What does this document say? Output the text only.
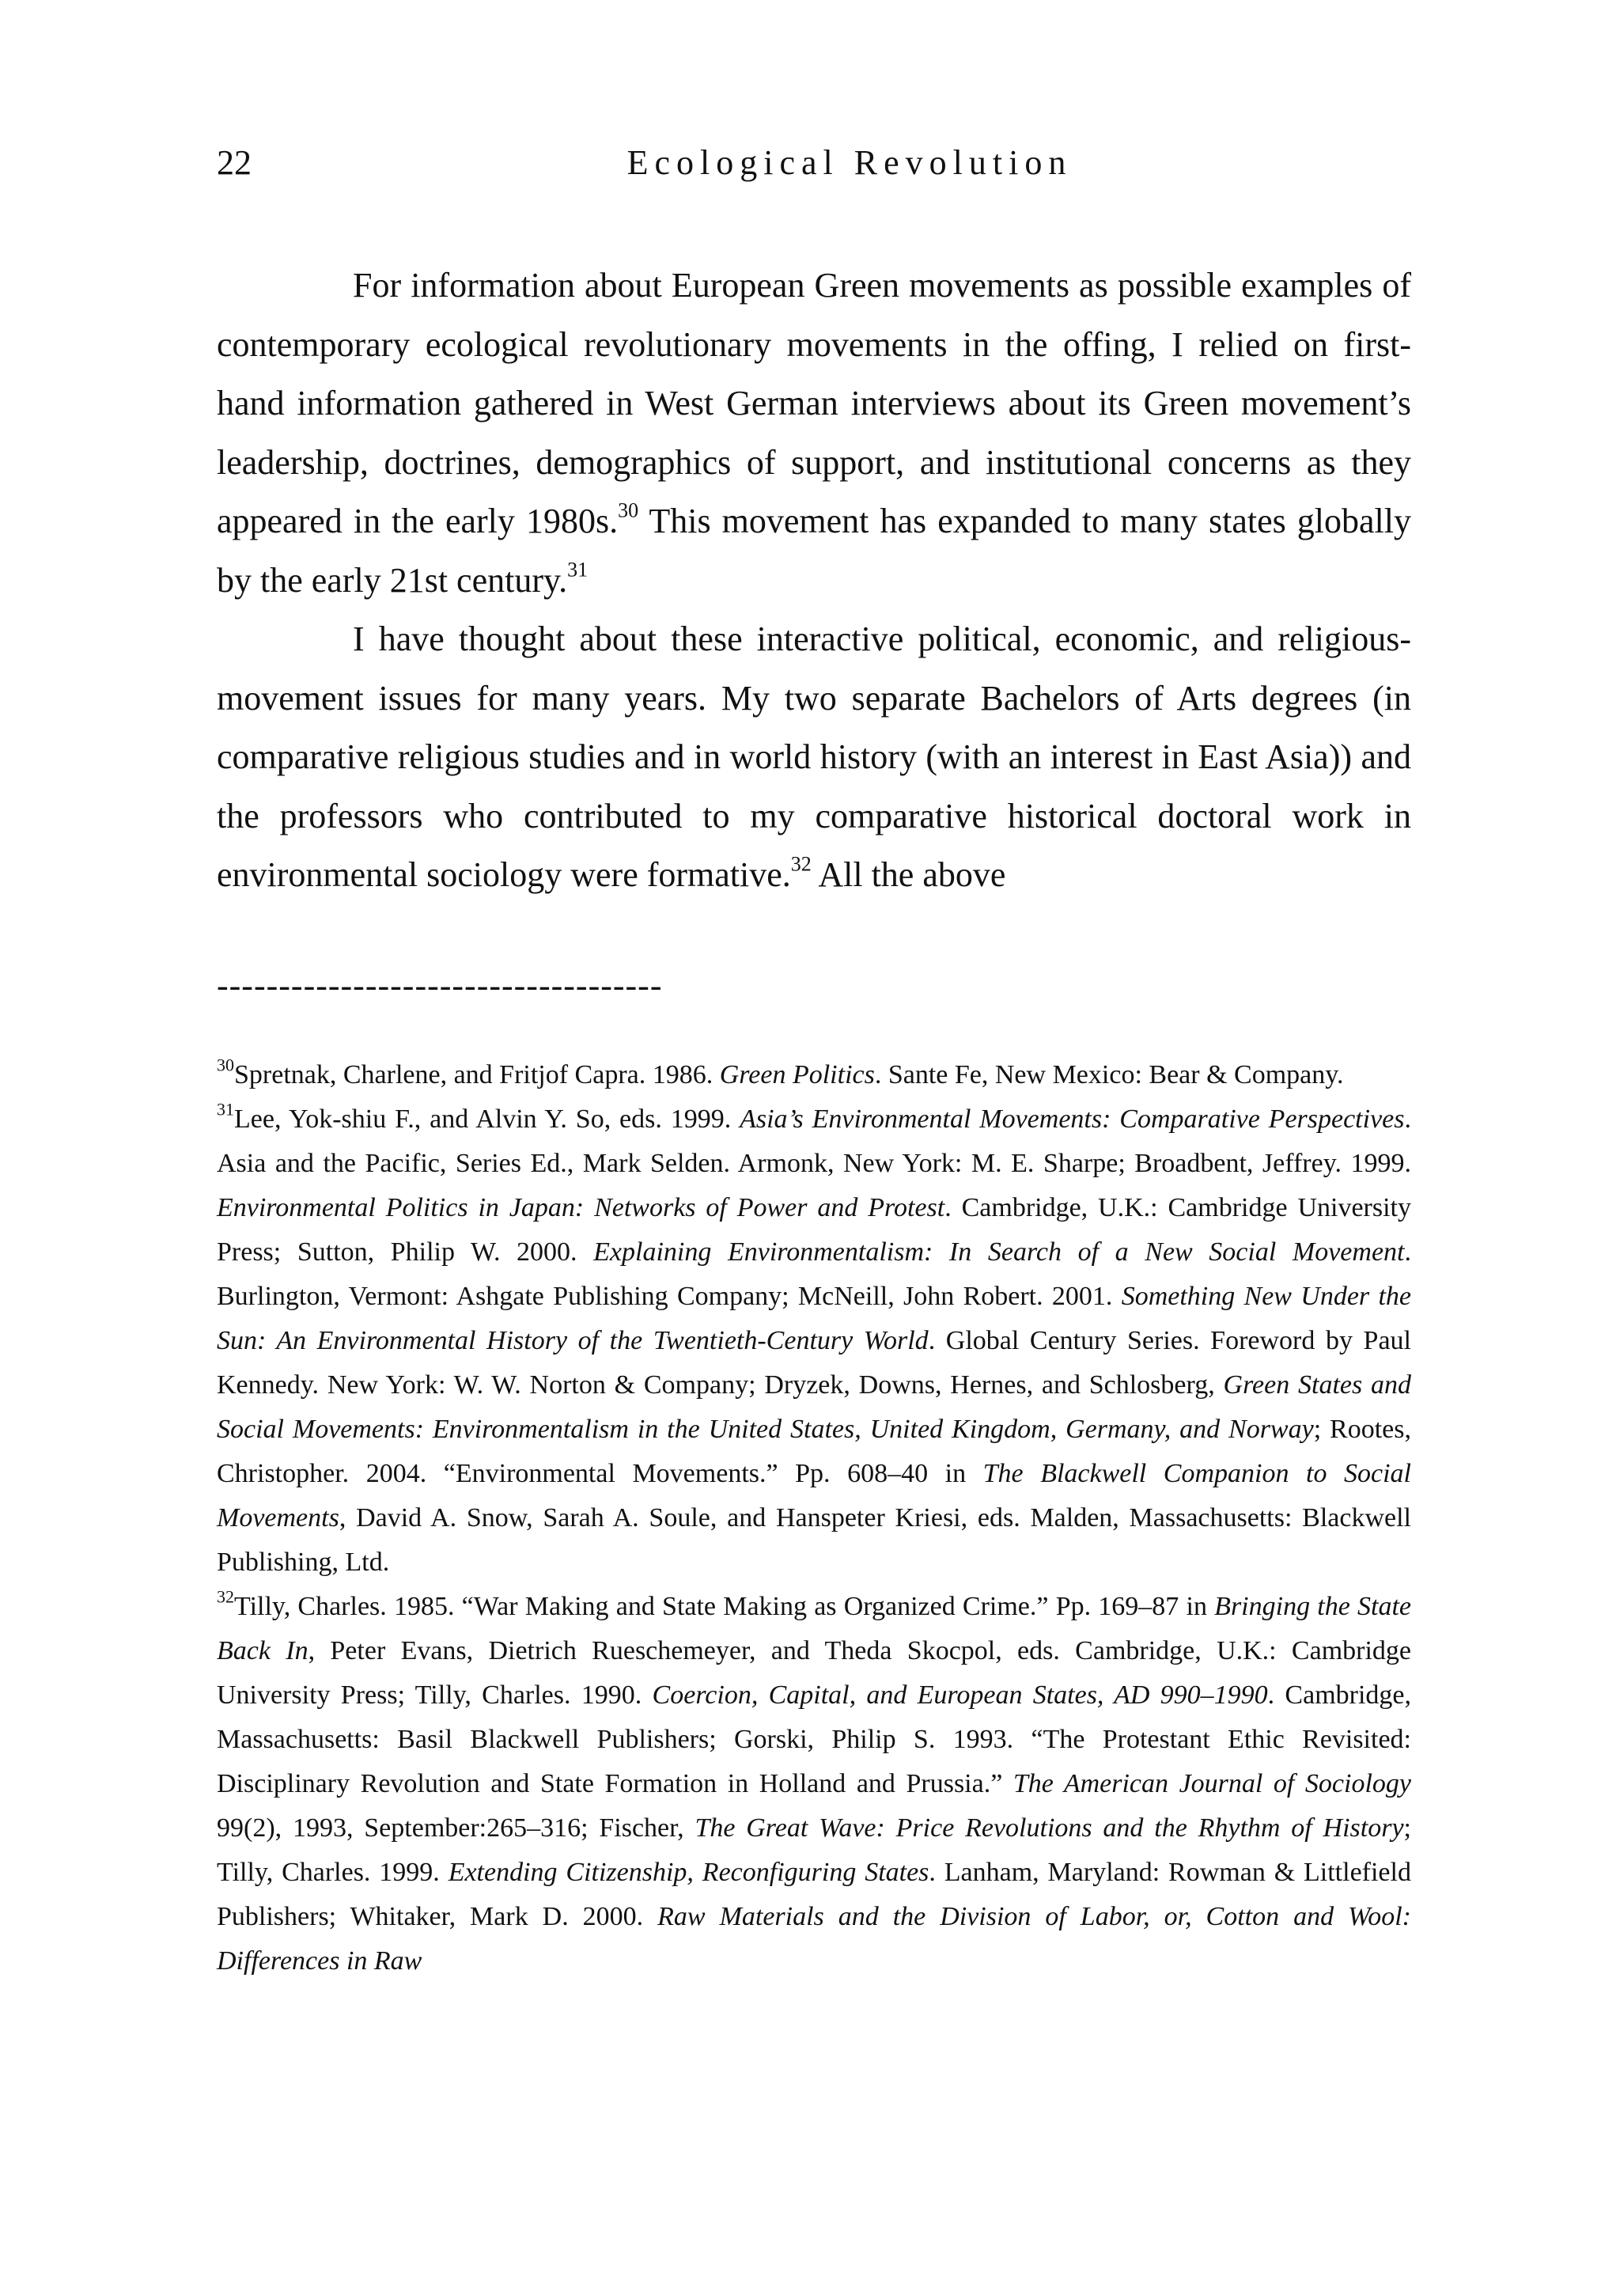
22	Ecological Revolution

For information about European Green movements as possible examples of contemporary ecological revolutionary movements in the offing, I relied on first-hand information gathered in West German interviews about its Green movement’s leadership, doctrines, demographics of support, and institutional concerns as they appeared in the early 1980s.$^{30}$ This movement has expanded to many states globally by the early 21st century.$^{31}$

I have thought about these interactive political, economic, and religious-movement issues for many years. My two separate Bachelors of Arts degrees (in comparative religious studies and in world history (with an interest in East Asia)) and the professors who contributed to my comparative historical doctoral work in environmental sociology were formative.$^{32}$ All the above

------------------------------------

$^{30}$Spretnak, Charlene, and Fritjof Capra. 1986. Green Politics. Sante Fe, New Mexico: Bear & Company.

$^{31}$Lee, Yok-shiu F., and Alvin Y. So, eds. 1999. Asia’s Environmental Movements: Comparative Perspectives. Asia and the Pacific, Series Ed., Mark Selden. Armonk, New York: M. E. Sharpe; Broadbent, Jeffrey. 1999. Environmental Politics in Japan: Networks of Power and Protest. Cambridge, U.K.: Cambridge University Press; Sutton, Philip W. 2000. Explaining Environmentalism: In Search of a New Social Movement. Burlington, Vermont: Ashgate Publishing Company; McNeill, John Robert. 2001. Something New Under the Sun: An Environmental History of the Twentieth-Century World. Global Century Series. Foreword by Paul Kennedy. New York: W. W. Norton & Company; Dryzek, Downs, Hernes, and Schlosberg, Green States and Social Movements: Environmentalism in the United States, United Kingdom, Germany, and Norway; Rootes, Christopher. 2004. “Environmental Movements.” Pp. 608–40 in The Blackwell Companion to Social Movements, David A. Snow, Sarah A. Soule, and Hanspeter Kriesi, eds. Malden, Massachusetts: Blackwell Publishing, Ltd.

$^{32}$Tilly, Charles. 1985. “War Making and State Making as Organized Crime.” Pp. 169–87 in Bringing the State Back In, Peter Evans, Dietrich Rueschemeyer, and Theda Skocpol, eds. Cambridge, U.K.: Cambridge University Press; Tilly, Charles. 1990. Coercion, Capital, and European States, AD 990–1990. Cambridge, Massachusetts: Basil Blackwell Publishers; Gorski, Philip S. 1993. “The Protestant Ethic Revisited: Disciplinary Revolution and State Formation in Holland and Prussia.” The American Journal of Sociology 99(2), 1993, September:265–316; Fischer, The Great Wave: Price Revolutions and the Rhythm of History; Tilly, Charles. 1999. Extending Citizenship, Reconfiguring States. Lanham, Maryland: Rowman & Littlefield Publishers; Whitaker, Mark D. 2000. Raw Materials and the Division of Labor, or, Cotton and Wool: Differences in Raw
